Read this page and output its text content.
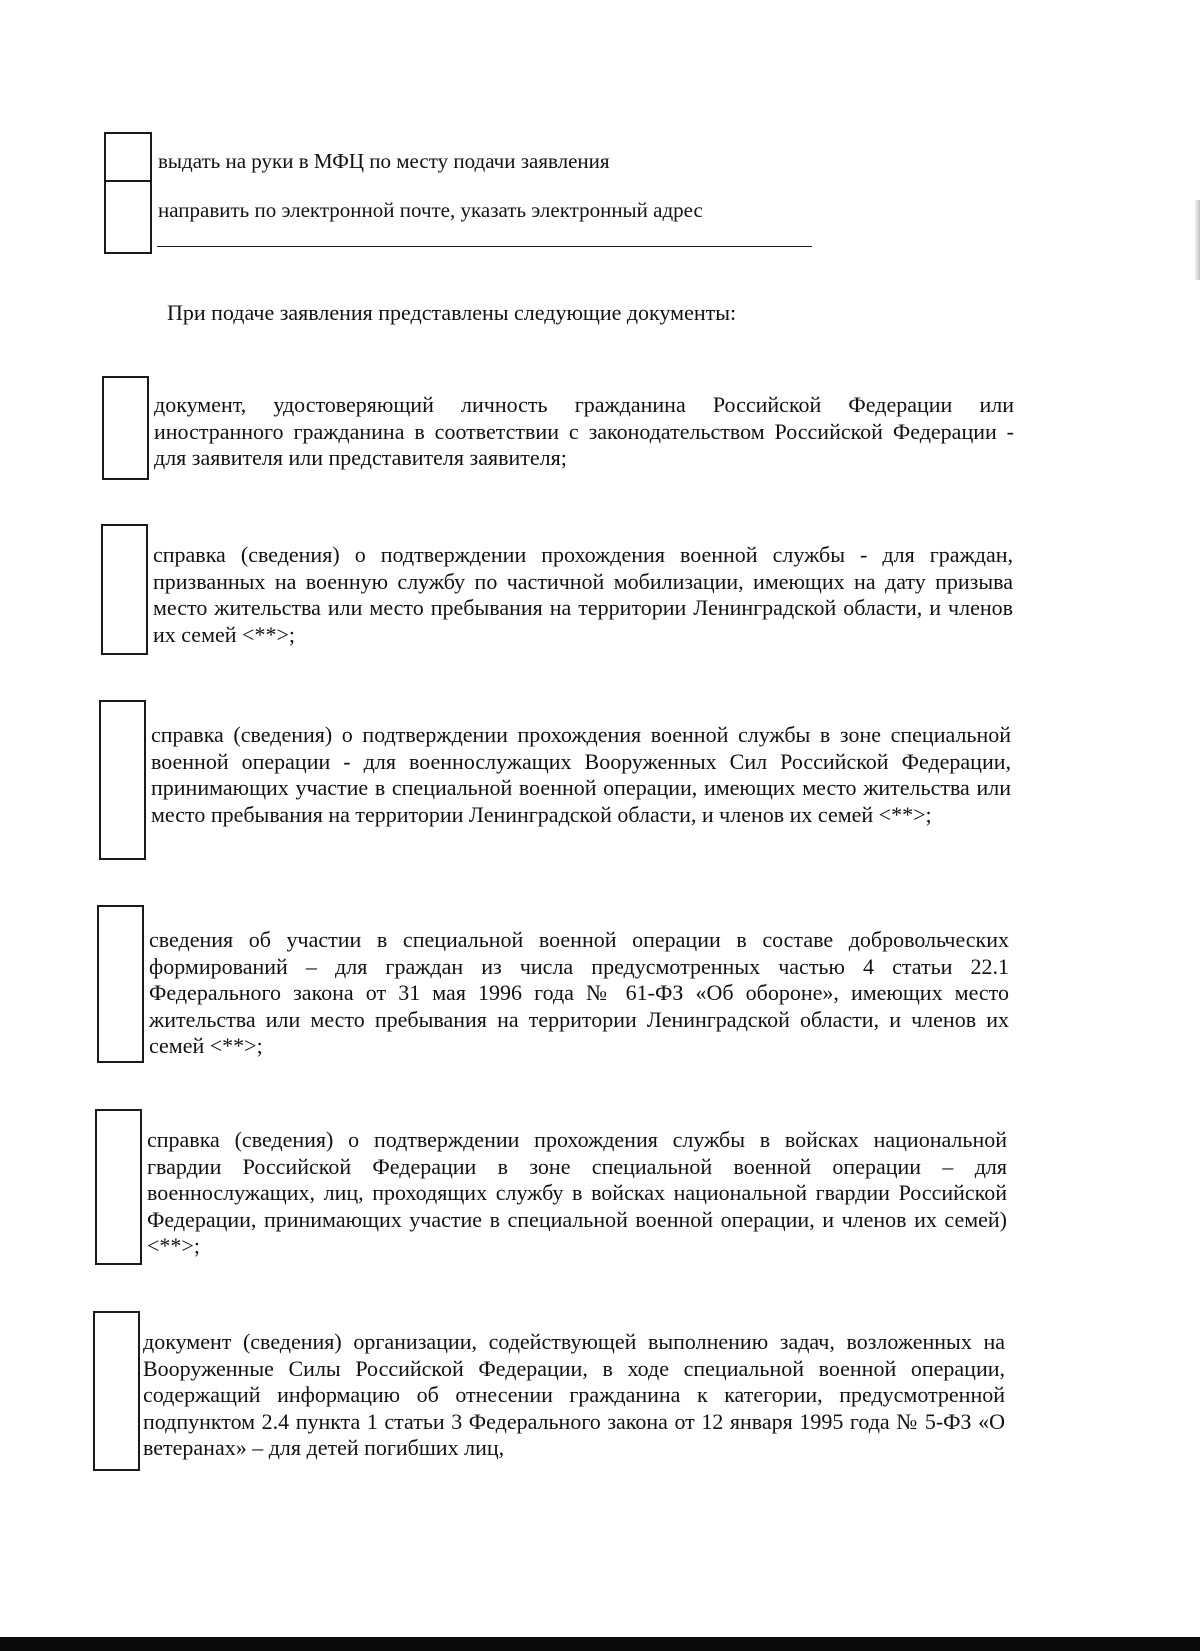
выдать на руки в МФЦ по месту подачи заявления
направить по электронной почте, указать электронный адрес
При подаче заявления представлены следующие документы:
документ, удостоверяющий личность гражданина Российской Федерации или иностранного гражданина в соответствии с законодательством Российской Федерации - для заявителя или представителя заявителя;
справка (сведения) о подтверждении прохождения военной службы - для граждан, призванных на военную службу по частичной мобилизации, имеющих на дату призыва место жительства или место пребывания на территории Ленинградской области, и членов их семей <**>;
справка (сведения) о подтверждении прохождения военной службы в зоне специальной военной операции - для военнослужащих Вооруженных Сил Российской Федерации, принимающих участие в специальной военной операции, имеющих место жительства или место пребывания на территории Ленинградской области, и членов их семей <**>;
сведения об участии в специальной военной операции в составе добровольческих формирований – для граждан из числа предусмотренных частью 4 статьи 22.1 Федерального закона от 31 мая 1996 года № 61-ФЗ «Об обороне», имеющих место жительства или место пребывания на территории Ленинградской области, и членов их семей <**>;
справка (сведения) о подтверждении прохождения службы в войсках национальной гвардии Российской Федерации в зоне специальной военной операции – для военнослужащих, лиц, проходящих службу в войсках национальной гвардии Российской Федерации, принимающих участие в специальной военной операции, и членов их семей) <**>;
документ (сведения) организации, содействующей выполнению задач, возложенных на Вооруженные Силы Российской Федерации, в ходе специальной военной операции, содержащий информацию об отнесении гражданина к категории, предусмотренной подпунктом 2.4 пункта 1 статьи 3 Федерального закона от 12 января 1995 года № 5-ФЗ «О ветеранах» – для детей погибших лиц,
